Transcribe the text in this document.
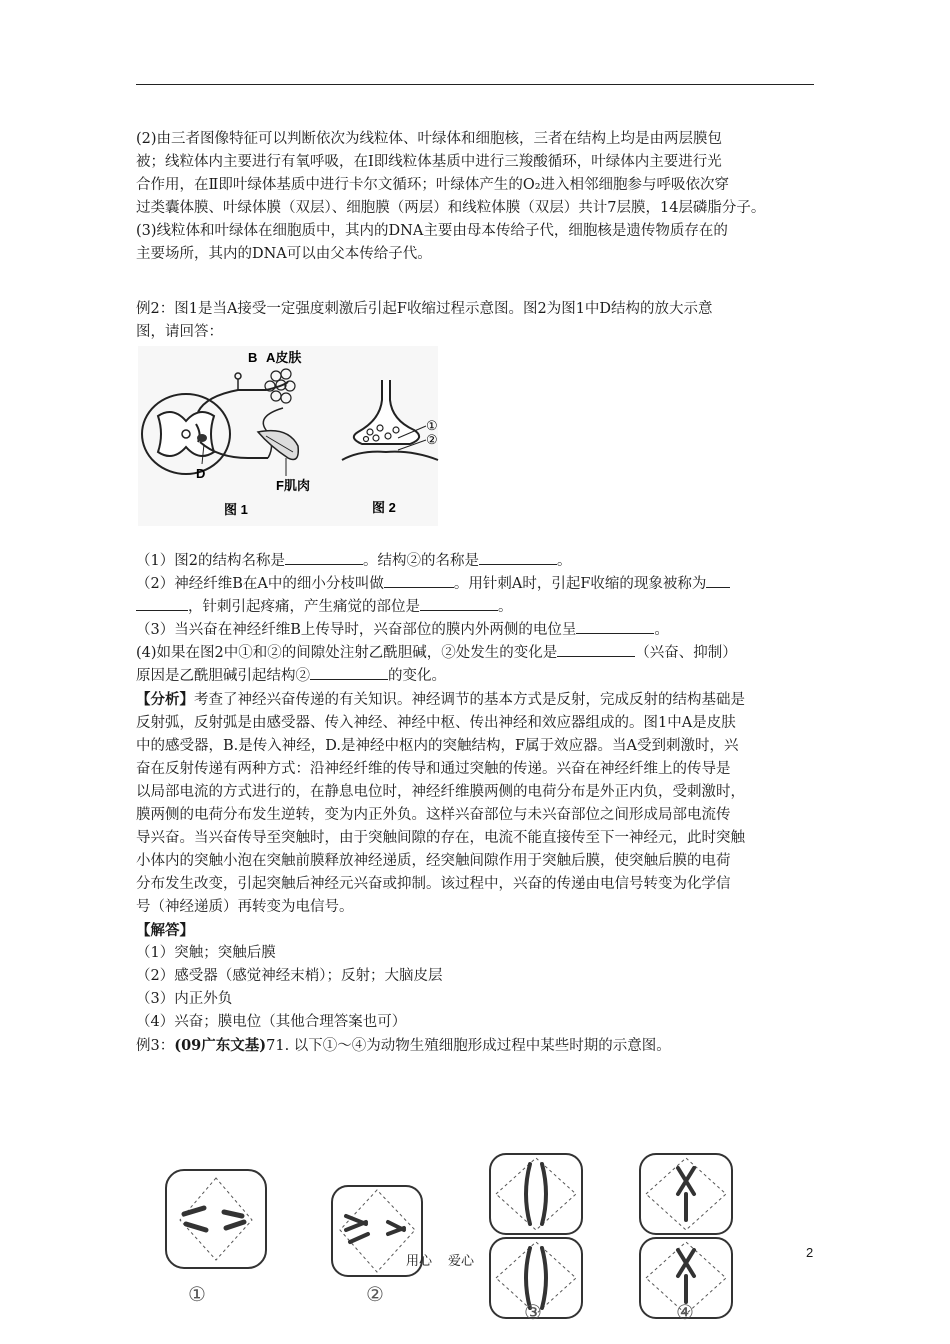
(2)由三者图像特征可以判断依次为线粒体、叶绿体和细胞核，三者在结构上均是由两层膜包

被；线粒体内主要进行有氧呼吸，在Ⅰ即线粒体基质中进行三羧酸循环，叶绿体内主要进行光

合作用，在Ⅱ即叶绿体基质中进行卡尔文循环；叶绿体产生的O₂进入相邻细胞参与呼吸依次穿

过类囊体膜、叶绿体膜（双层）、细胞膜（两层）和线粒体膜（双层）共计7层膜，14层磷脂分子。

(3)线粒体和叶绿体在细胞质中，其内的DNA主要由母本传给子代，细胞核是遗传物质存在的

主要场所，其内的DNA可以由父本传给子代。

例2：图1是当A接受一定强度刺激后引起F收缩过程示意图。图2为图1中D结构的放大示意

图，请回答：

B A皮肤
D
F肌肉
图 1
①
②
图 2

（1）图2的结构名称是	。结构②的名称是	。

（2）神经纤维B在A中的细小分枝叫做	。用针刺A时，引起F收缩的现象被称为

，针刺引起疼痛，产生痛觉的部位是	。

（3）当兴奋在神经纤维B上传导时，兴奋部位的膜内外两侧的电位呈	。

(4)如果在图2中①和②的间隙处注射乙酰胆碱，②处发生的变化是	（兴奋、抑制）

原因是乙酰胆碱引起结构②	的变化。

【分析】考查了神经兴奋传递的有关知识。神经调节的基本方式是反射，完成反射的结构基础是

反射弧，反射弧是由感受器、传入神经、神经中枢、传出神经和效应器组成的。图1中A是皮肤

中的感受器，B.是传入神经，D.是神经中枢内的突触结构，F属于效应器。当A受到刺激时，兴

奋在反射传递有两种方式：沿神经纤维的传导和通过突触的传递。兴奋在神经纤维上的传导是

以局部电流的方式进行的，在静息电位时，神经纤维膜两侧的电荷分布是外正内负，受刺激时，

膜两侧的电荷分布发生逆转，变为内正外负。这样兴奋部位与未兴奋部位之间形成局部电流传

导兴奋。当兴奋传导至突触时，由于突触间隙的存在，电流不能直接传至下一神经元，此时突触

小体内的突触小泡在突触前膜释放神经递质，经突触间隙作用于突触后膜，使突触后膜的电荷

分布发生改变，引起突触后神经元兴奋或抑制。该过程中，兴奋的传递由电信号转变为化学信

号（神经递质）再转变为电信号。

【解答】

（1）突触；突触后膜

（2）感受器（感觉神经末梢）；反射；大脑皮层

（3）内正外负

（4）兴奋；膜电位（其他合理答案也可）

例3：(09广东文基)71. 以下①～④为动物生殖细胞形成过程中某些时期的示意图。

①	②
③	④
用心 爱心
2
